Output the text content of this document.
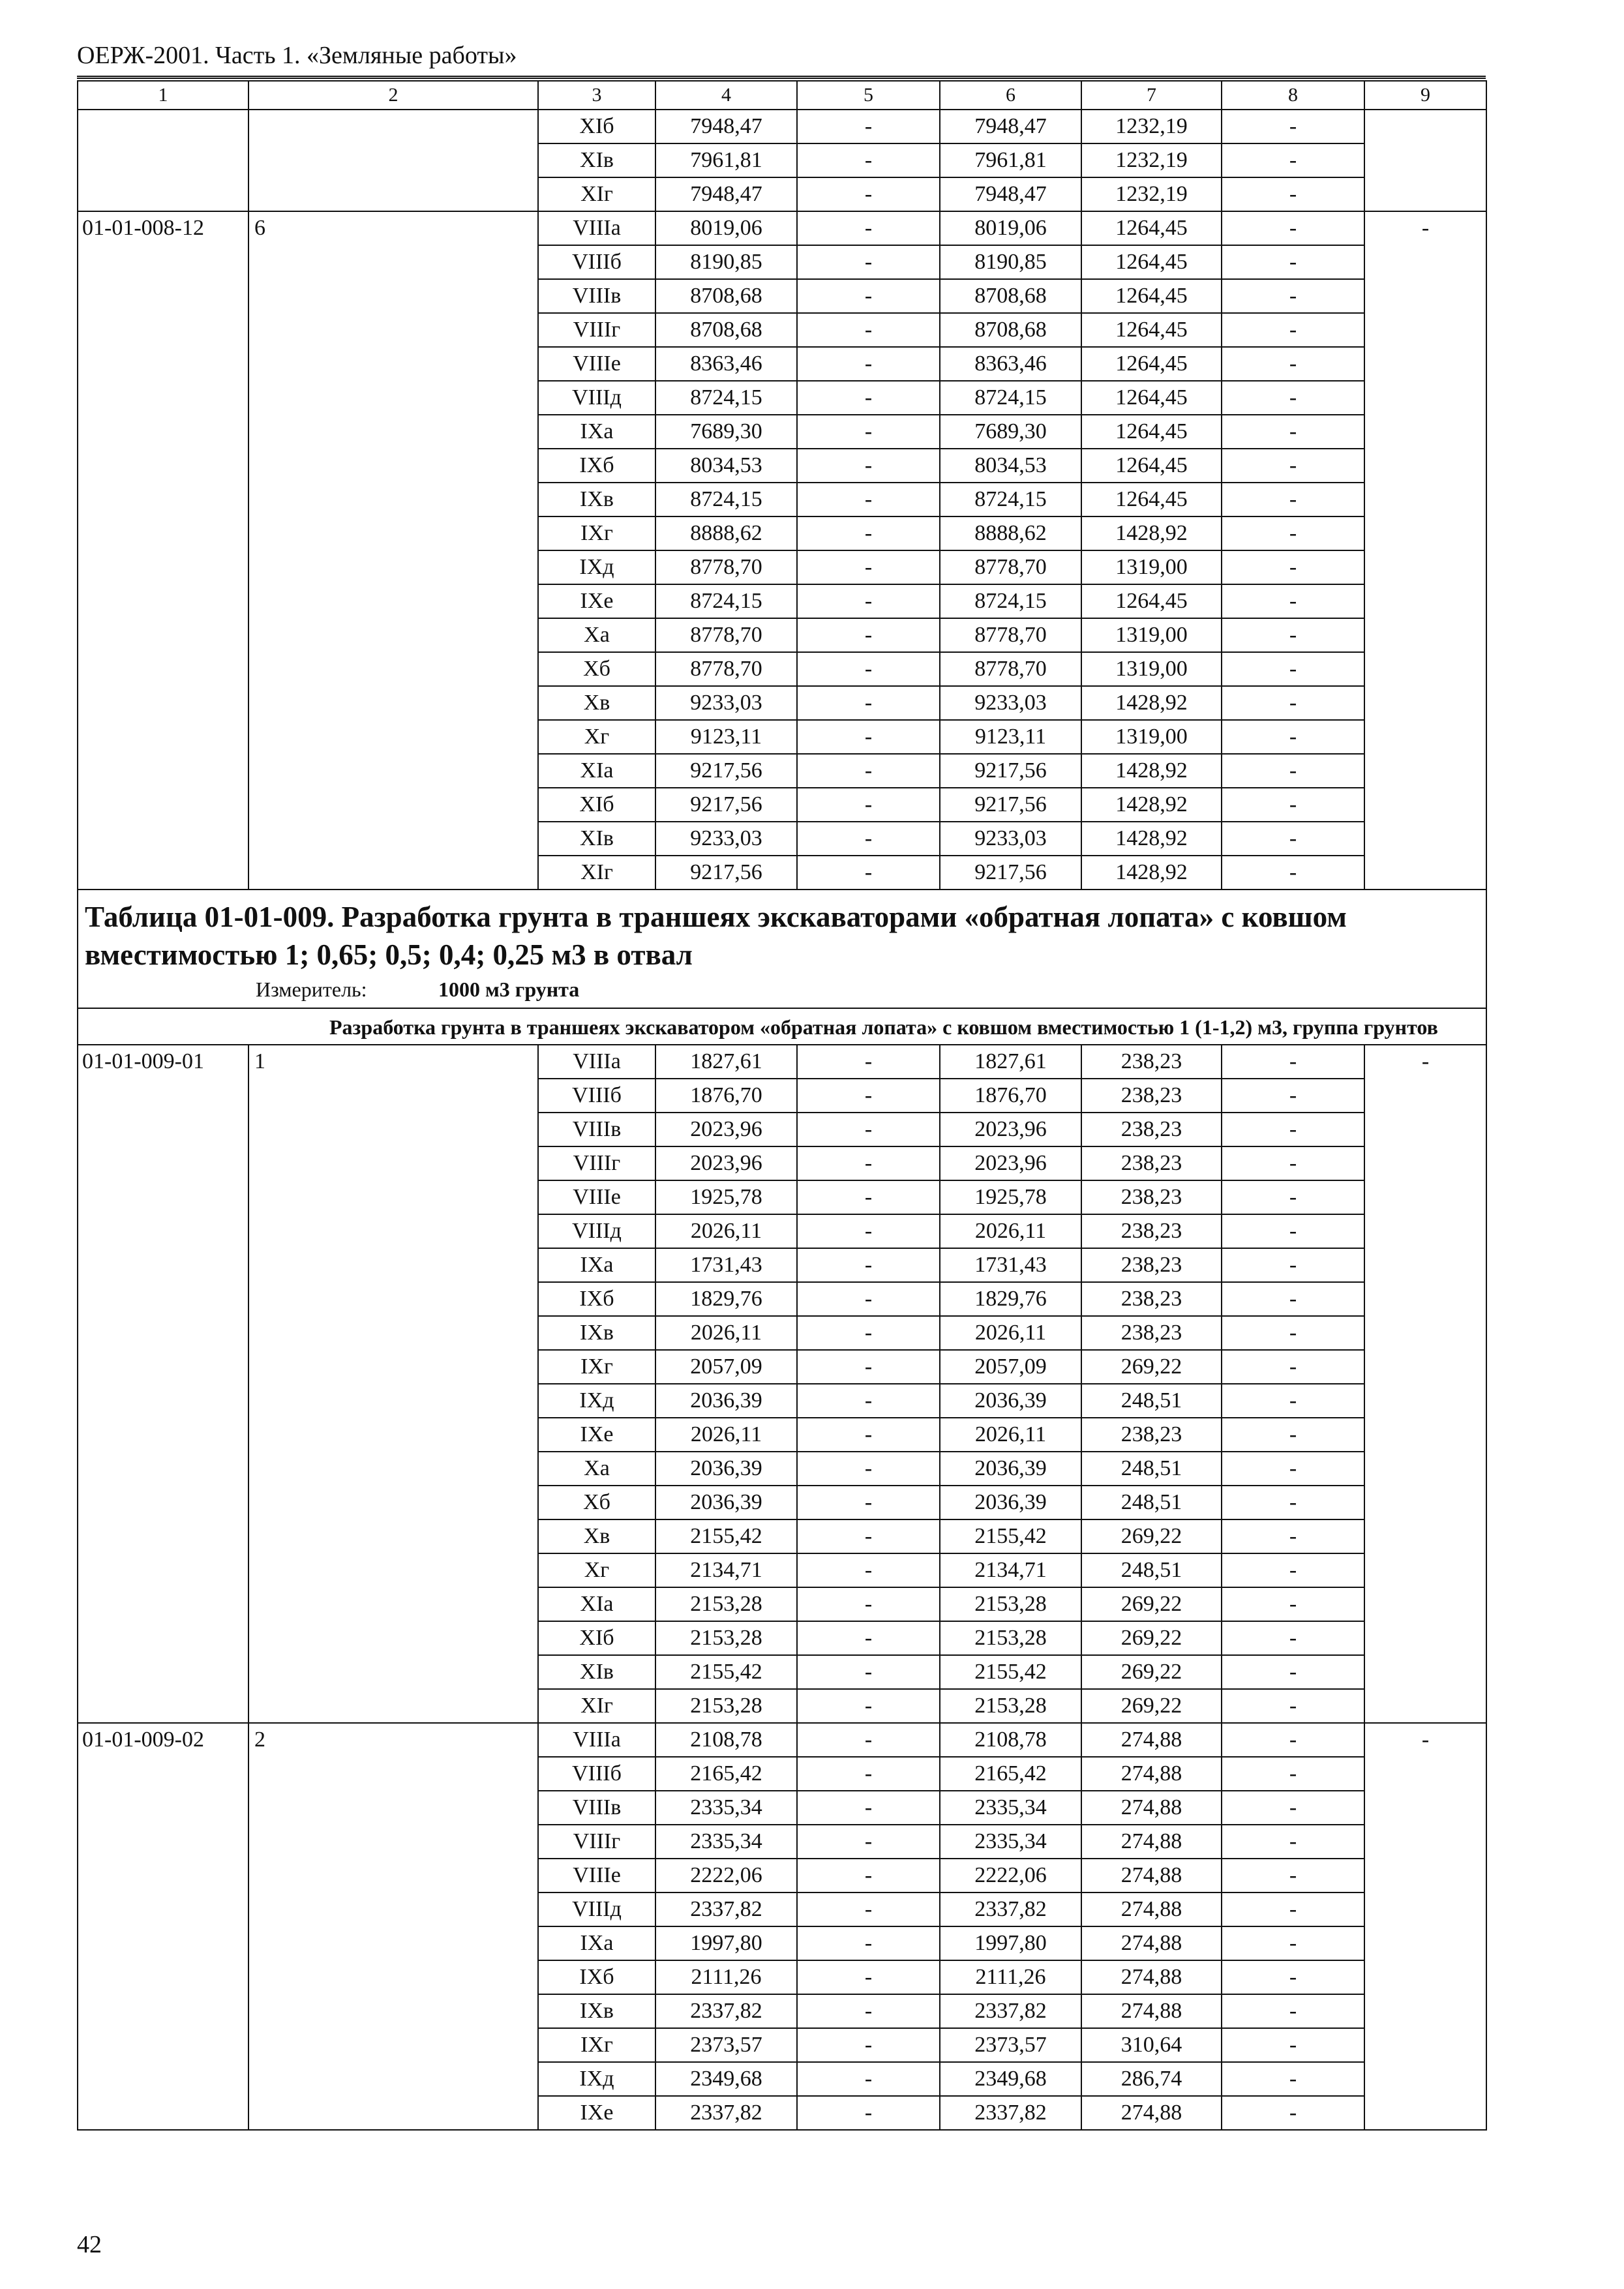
ОЕРЖ-2001. Часть 1. «Земляные работы»
1	2	3	4	5	6	7	8	9
		XIб	7948,47	-	7948,47	1232,19	-	
		XIв	7961,81	-	7961,81	1232,19	-	
		XIг	7948,47	-	7948,47	1232,19	-	
01-01-008-12	6	VIIIа	8019,06	-	8019,06	1264,45	-	-
		VIIIб	8190,85	-	8190,85	1264,45	-	
		VIIIв	8708,68	-	8708,68	1264,45	-	
		VIIIг	8708,68	-	8708,68	1264,45	-	
		VIIIе	8363,46	-	8363,46	1264,45	-	
		VIIIд	8724,15	-	8724,15	1264,45	-	
		IXа	7689,30	-	7689,30	1264,45	-	
		IXб	8034,53	-	8034,53	1264,45	-	
		IXв	8724,15	-	8724,15	1264,45	-	
		IXг	8888,62	-	8888,62	1428,92	-	
		IXд	8778,70	-	8778,70	1319,00	-	
		IXе	8724,15	-	8724,15	1264,45	-	
		Xа	8778,70	-	8778,70	1319,00	-	
		Xб	8778,70	-	8778,70	1319,00	-	
		Xв	9233,03	-	9233,03	1428,92	-	
		Xг	9123,11	-	9123,11	1319,00	-	
		XIа	9217,56	-	9217,56	1428,92	-	
		XIб	9217,56	-	9217,56	1428,92	-	
		XIв	9233,03	-	9233,03	1428,92	-	
		XIг	9217,56	-	9217,56	1428,92	-	

Таблица 01-01-009. Разработка грунта в траншеях экскаваторами «обратная лопата» с ковшом вместимостью 1; 0,65; 0,5; 0,4; 0,25 м3 в отвал
Измеритель: 1000 м3 грунта								

Разработка грунта в траншеях экскаватором «обратная лопата» с ковшом вместимостью 1 (1-1,2) м3, группа грунтов								
01-01-009-01	1	VIIIа	1827,61	-	1827,61	238,23	-	-
		VIIIб	1876,70	-	1876,70	238,23	-	
		VIIIв	2023,96	-	2023,96	238,23	-	
		VIIIг	2023,96	-	2023,96	238,23	-	
		VIIIе	1925,78	-	1925,78	238,23	-	
		VIIIд	2026,11	-	2026,11	238,23	-	
		IXа	1731,43	-	1731,43	238,23	-	
		IXб	1829,76	-	1829,76	238,23	-	
		IXв	2026,11	-	2026,11	238,23	-	
		IXг	2057,09	-	2057,09	269,22	-	
		IXд	2036,39	-	2036,39	248,51	-	
		IXе	2026,11	-	2026,11	238,23	-	
		Xа	2036,39	-	2036,39	248,51	-	
		Xб	2036,39	-	2036,39	248,51	-	
		Xв	2155,42	-	2155,42	269,22	-	
		Xг	2134,71	-	2134,71	248,51	-	
		XIа	2153,28	-	2153,28	269,22	-	
		XIб	2153,28	-	2153,28	269,22	-	
		XIв	2155,42	-	2155,42	269,22	-	
		XIг	2153,28	-	2153,28	269,22	-	
01-01-009-02	2	VIIIа	2108,78	-	2108,78	274,88	-	-
		VIIIб	2165,42	-	2165,42	274,88	-	
		VIIIв	2335,34	-	2335,34	274,88	-	
		VIIIг	2335,34	-	2335,34	274,88	-	
		VIIIе	2222,06	-	2222,06	274,88	-	
		VIIIд	2337,82	-	2337,82	274,88	-	
		IXа	1997,80	-	1997,80	274,88	-	
		IXб	2111,26	-	2111,26	274,88	-	
		IXв	2337,82	-	2337,82	274,88	-	
		IXг	2373,57	-	2373,57	310,64	-	
		IXд	2349,68	-	2349,68	286,74	-	
		IXе	2337,82	-	2337,82	274,88	-	
42
